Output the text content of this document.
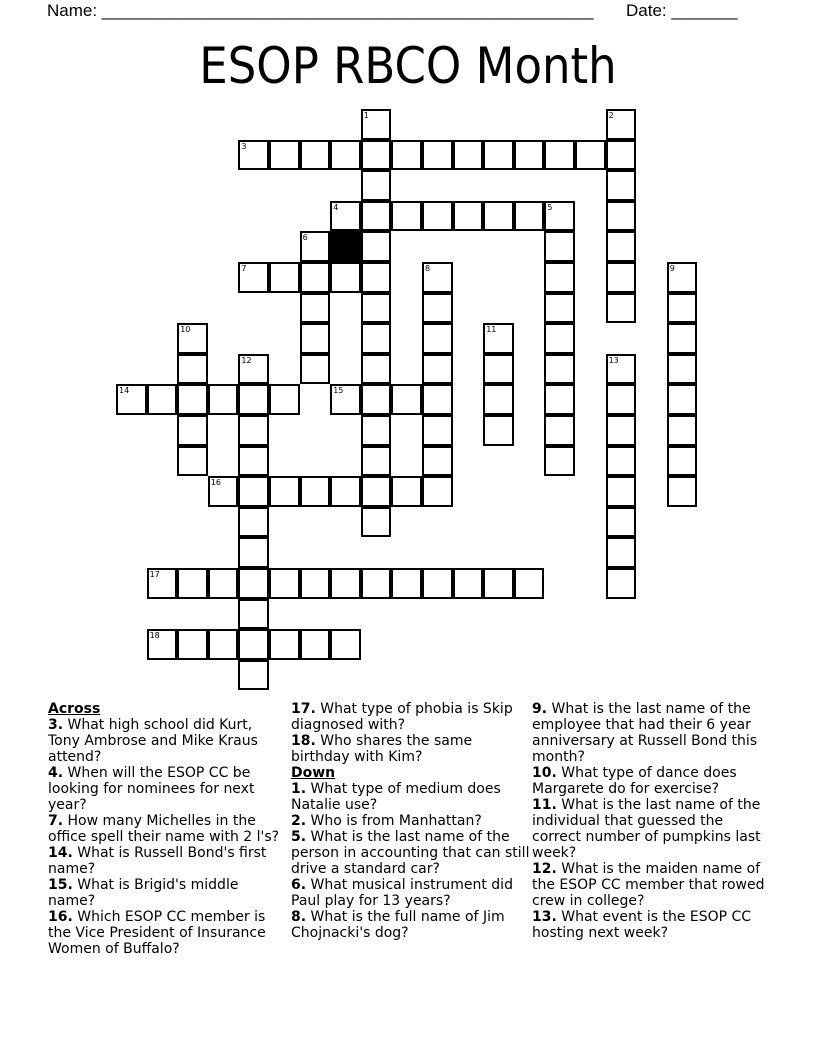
Name: ____________________________________________________ Date: _______
ESOP RBCO Month
1	2
3
4	5
6
7	8	9
10	11
12	13
14	15
16
17
18
Across
3. What high school did Kurt, Tony Ambrose and Mike Kraus attend?
4. When will the ESOP CC be looking for nominees for next year?
7. How many Michelles in the office spell their name with 2 l's?
14. What is Russell Bond's first name?
15. What is Brigid's middle name?
16. Which ESOP CC member is the Vice President of Insurance Women of Buffalo?
17. What type of phobia is Skip diagnosed with?
18. Who shares the same birthday with Kim?
Down
1. What type of medium does Natalie use?
2. Who is from Manhattan?
5. What is the last name of the person in accounting that can still drive a standard car?
6. What musical instrument did Paul play for 13 years?
8. What is the full name of Jim Chojnacki's dog?
9. What is the last name of the employee that had their 6 year anniversary at Russell Bond this month?
10. What type of dance does Margarete do for exercise?
11. What is the last name of the individual that guessed the correct number of pumpkins last week?
12. What is the maiden name of the ESOP CC member that rowed crew in college?
13. What event is the ESOP CC hosting next week?
